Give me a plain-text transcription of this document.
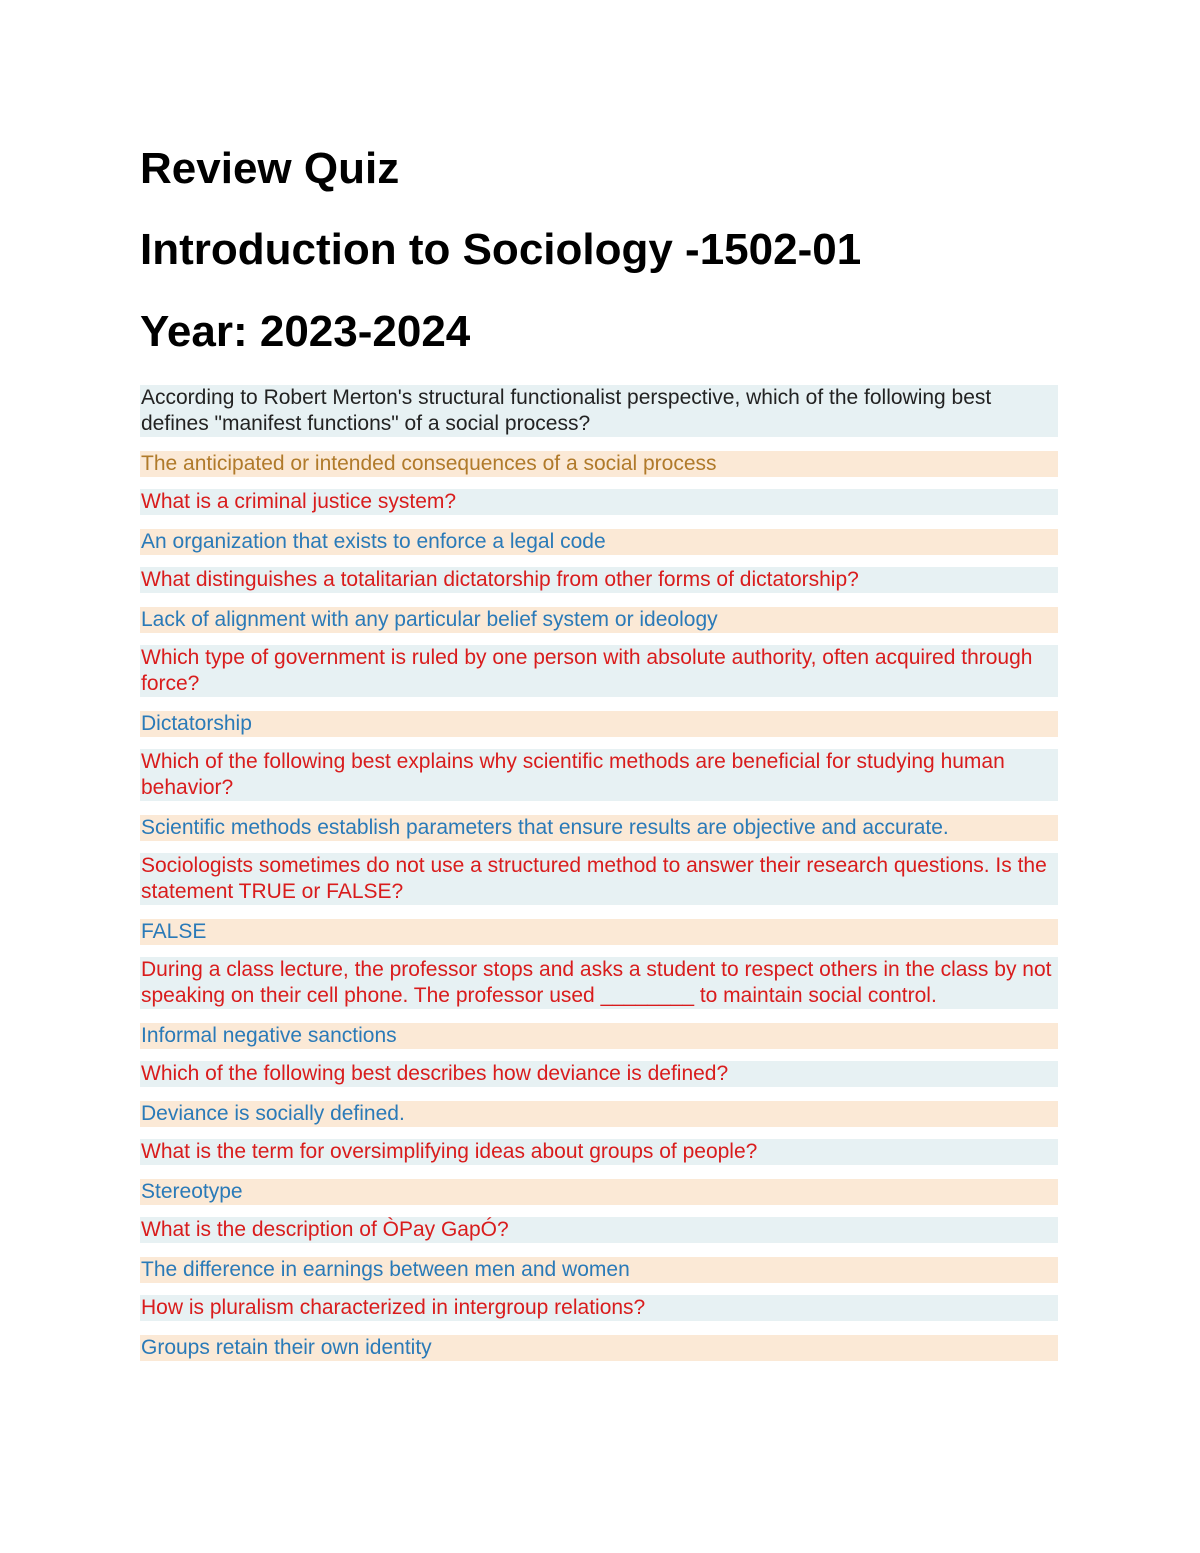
Review Quiz
Introduction to Sociology -1502-01
Year: 2023-2024
According to Robert Merton's structural functionalist perspective, which of the following best defines "manifest functions" of a social process?
The anticipated or intended consequences of a social process
What is a criminal justice system?
An organization that exists to enforce a legal code
What distinguishes a totalitarian dictatorship from other forms of dictatorship?
Lack of alignment with any particular belief system or ideology
Which type of government is ruled by one person with absolute authority, often acquired through force?
Dictatorship
Which of the following best explains why scientific methods are beneficial for studying human behavior?
Scientific methods establish parameters that ensure results are objective and accurate.
Sociologists sometimes do not use a structured method to answer their research questions. Is the statement TRUE or FALSE?
FALSE
During a class lecture, the professor stops and asks a student to respect others in the class by not speaking on their cell phone. The professor used ________ to maintain social control.
Informal negative sanctions
Which of the following best describes how deviance is defined?
Deviance is socially defined.
What is the term for oversimplifying ideas about groups of people?
Stereotype
What is the description of ÒPay GapÓ?
The difference in earnings between men and women
How is pluralism characterized in intergroup relations?
Groups retain their own identity
